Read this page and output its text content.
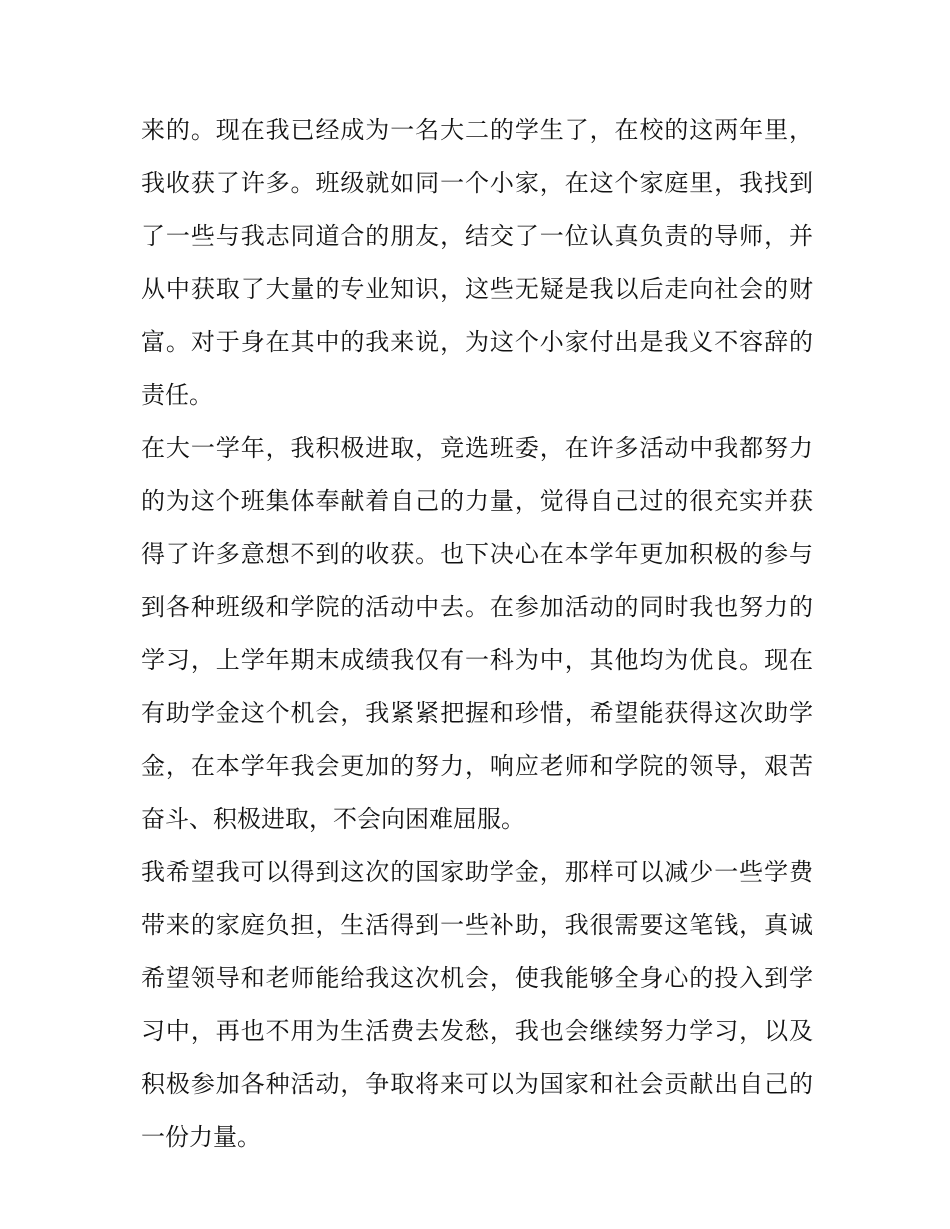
来的。现在我已经成为一名大二的学生了，在校的这两年里，
我收获了许多。班级就如同一个小家，在这个家庭里，我找到
了一些与我志同道合的朋友，结交了一位认真负责的导师，并
从中获取了大量的专业知识，这些无疑是我以后走向社会的财
富。对于身在其中的我来说，为这个小家付出是我义不容辞的
责任。
在大一学年，我积极进取，竞选班委，在许多活动中我都努力
的为这个班集体奉献着自己的力量，觉得自己过的很充实并获
得了许多意想不到的收获。也下决心在本学年更加积极的参与
到各种班级和学院的活动中去。在参加活动的同时我也努力的
学习，上学年期末成绩我仅有一科为中，其他均为优良。现在
有助学金这个机会，我紧紧把握和珍惜，希望能获得这次助学
金，在本学年我会更加的努力，响应老师和学院的领导，艰苦
奋斗、积极进取，不会向困难屈服。
我希望我可以得到这次的国家助学金，那样可以减少一些学费
带来的家庭负担，生活得到一些补助，我很需要这笔钱，真诚
希望领导和老师能给我这次机会，使我能够全身心的投入到学
习中，再也不用为生活费去发愁，我也会继续努力学习，以及
积极参加各种活动，争取将来可以为国家和社会贡献出自己的
一份力量。
